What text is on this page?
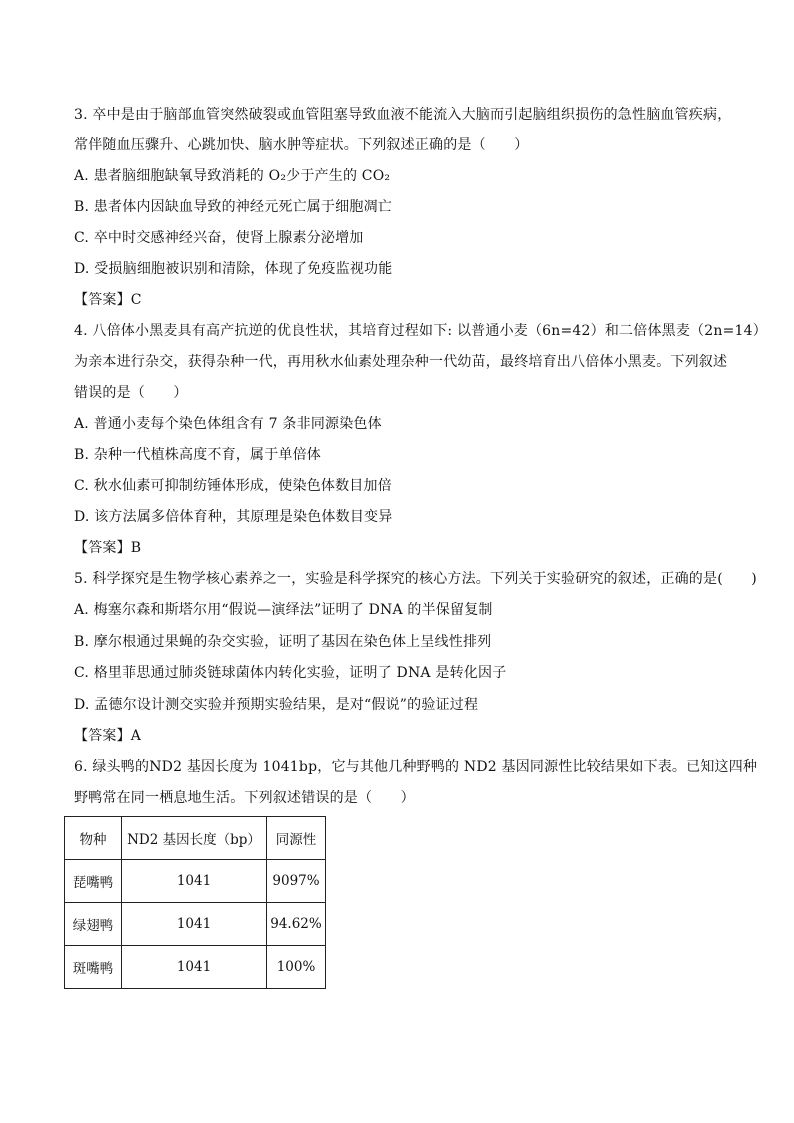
3. 卒中是由于脑部血管突然破裂或血管阻塞导致血液不能流入大脑而引起脑组织损伤的急性脑血管疾病，
常伴随血压骤升、心跳加快、脑水肿等症状。下列叙述正确的是（　　）
A. 患者脑细胞缺氧导致消耗的 O₂少于产生的 CO₂
B. 患者体内因缺血导致的神经元死亡属于细胞凋亡
C. 卒中时交感神经兴奋，使肾上腺素分泌增加
D. 受损脑细胞被识别和清除，体现了免疫监视功能
【答案】C
4. 八倍体小黑麦具有高产抗逆的优良性状，其培育过程如下: 以普通小麦（6n=42）和二倍体黑麦（2n=14）
为亲本进行杂交，获得杂种一代，再用秋水仙素处理杂种一代幼苗，最终培育出八倍体小黑麦。下列叙述
错误的是（　　）
A. 普通小麦每个染色体组含有 7 条非同源染色体
B. 杂种一代植株高度不育，属于单倍体
C. 秋水仙素可抑制纺锤体形成，使染色体数目加倍
D. 该方法属多倍体育种，其原理是染色体数目变异
【答案】B
5. 科学探究是生物学核心素养之一，实验是科学探究的核心方法。下列关于实验研究的叙述，正确的是(　　)
A. 梅塞尔森和斯塔尔用“假说—演绎法”证明了 DNA 的半保留复制
B. 摩尔根通过果蝇的杂交实验，证明了基因在染色体上呈线性排列
C. 格里菲思通过肺炎链球菌体内转化实验，证明了 DNA 是转化因子
D. 孟德尔设计测交实验并预期实验结果，是对“假说”的验证过程
【答案】A
6. 绿头鸭的ND2 基因长度为 1041bp，它与其他几种野鸭的 ND2 基因同源性比较结果如下表。已知这四种
野鸭常在同一栖息地生活。下列叙述错误的是（　　）
物种	ND2 基因长度（bp）	同源性
琵嘴鸭	1041	9097%
绿翅鸭	1041	94.62%
斑嘴鸭	1041	100%
